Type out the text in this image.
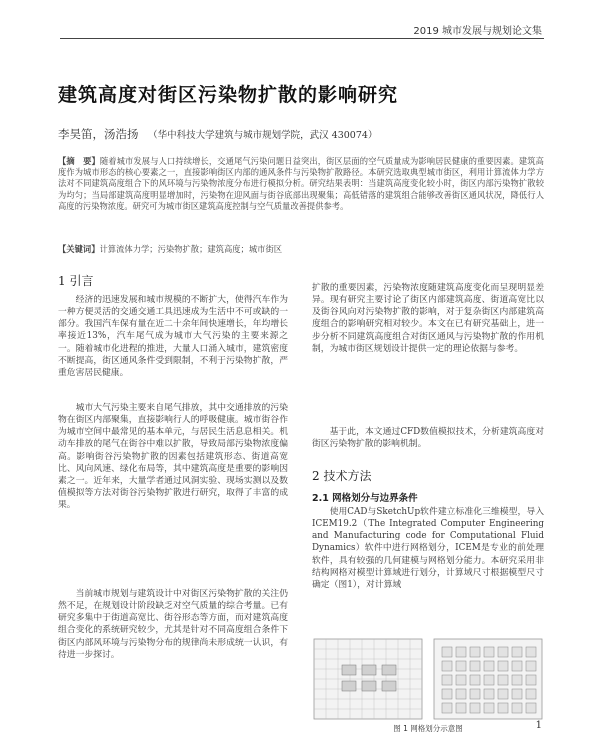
2019 城市发展与规划论文集
建筑高度对街区污染物扩散的影响研究
李昊笛，汤浩扬 （华中科技大学建筑与城市规划学院，武汉 430074）
【摘　要】随着城市发展与人口持续增长，交通尾气污染问题日益突出，街区层面的空气质量成为影响居民健康的重要因素。建筑高度作为城市形态的核心要素之一，直接影响街区内部的通风条件与污染物扩散路径。本研究选取典型城市街区，利用计算流体力学方法对不同建筑高度组合下的风环境与污染物浓度分布进行模拟分析。研究结果表明：当建筑高度变化较小时，街区内部污染物扩散较为均匀；当局部建筑高度明显增加时，污染物在迎风面与街谷底部出现聚集；高低错落的建筑组合能够改善街区通风状况，降低行人高度的污染物浓度。研究可为城市街区建筑高度控制与空气质量改善提供参考。
【关键词】计算流体力学；污染物扩散；建筑高度；城市街区
1 引言

经济的迅速发展和城市规模的不断扩大，使得汽车作为一种方便灵活的交通交通工具迅速成为生活中不可或缺的一部分。我国汽车保有量在近二十余年间快速增长，年均增长率接近13%，汽车尾气成为城市大气污染的主要来源之一。随着城市化进程的推进，大量人口涌入城市，建筑密度不断提高，街区通风条件受到限制，不利于污染物扩散，严重危害居民健康。

城市大气污染主要来自尾气排放，其中交通排放的污染物在街区内部聚集，直接影响行人的呼吸健康。城市街谷作为城市空间中最常见的基本单元，与居民生活息息相关。机动车排放的尾气在街谷中难以扩散，导致局部污染物浓度偏高。影响街谷污染物扩散的因素包括建筑形态、街道高宽比、风向风速、绿化布局等，其中建筑高度是重要的影响因素之一。近年来，大量学者通过风洞实验、现场实测以及数值模拟等方法对街谷污染物扩散进行研究，取得了丰富的成果。

当前城市规划与建筑设计中对街区污染物扩散的关注仍然不足，在规划设计阶段缺乏对空气质量的综合考量。已有研究多集中于街道高宽比、街谷形态等方面，而对建筑高度组合变化的系统研究较少，尤其是针对不同高度组合条件下街区内部风环境与污染物分布的规律尚未形成统一认识，有待进一步探讨。

扩散的重要因素，污染物浓度随建筑高度变化而呈现明显差异。现有研究主要讨论了街区内部建筑高度、街道高宽比以及街谷风向对污染物扩散的影响，对于复杂街区内部建筑高度组合的影响研究相对较少。本文在已有研究基础上，进一步分析不同建筑高度组合对街区通风与污染物扩散的作用机制，为城市街区规划设计提供一定的理论依据与参考。

基于此，本文通过CFD数值模拟技术，分析建筑高度对街区污染物扩散的影响机制。

2 技术方法
2.1 网格划分与边界条件

使用CAD与SketchUp软件建立标准化三维模型，导入ICEM19.2（The Integrated Computer Engineering and Manufacturing code for Computational Fluid Dynamics）软件中进行网格划分，ICEM是专业的前处理软件，具有较强的几何建模与网格划分能力。本研究采用非结构网格对模型计算域进行划分，计算域尺寸根据模型尺寸确定（图1），对计算域

图 1 网格划分示意图	1
